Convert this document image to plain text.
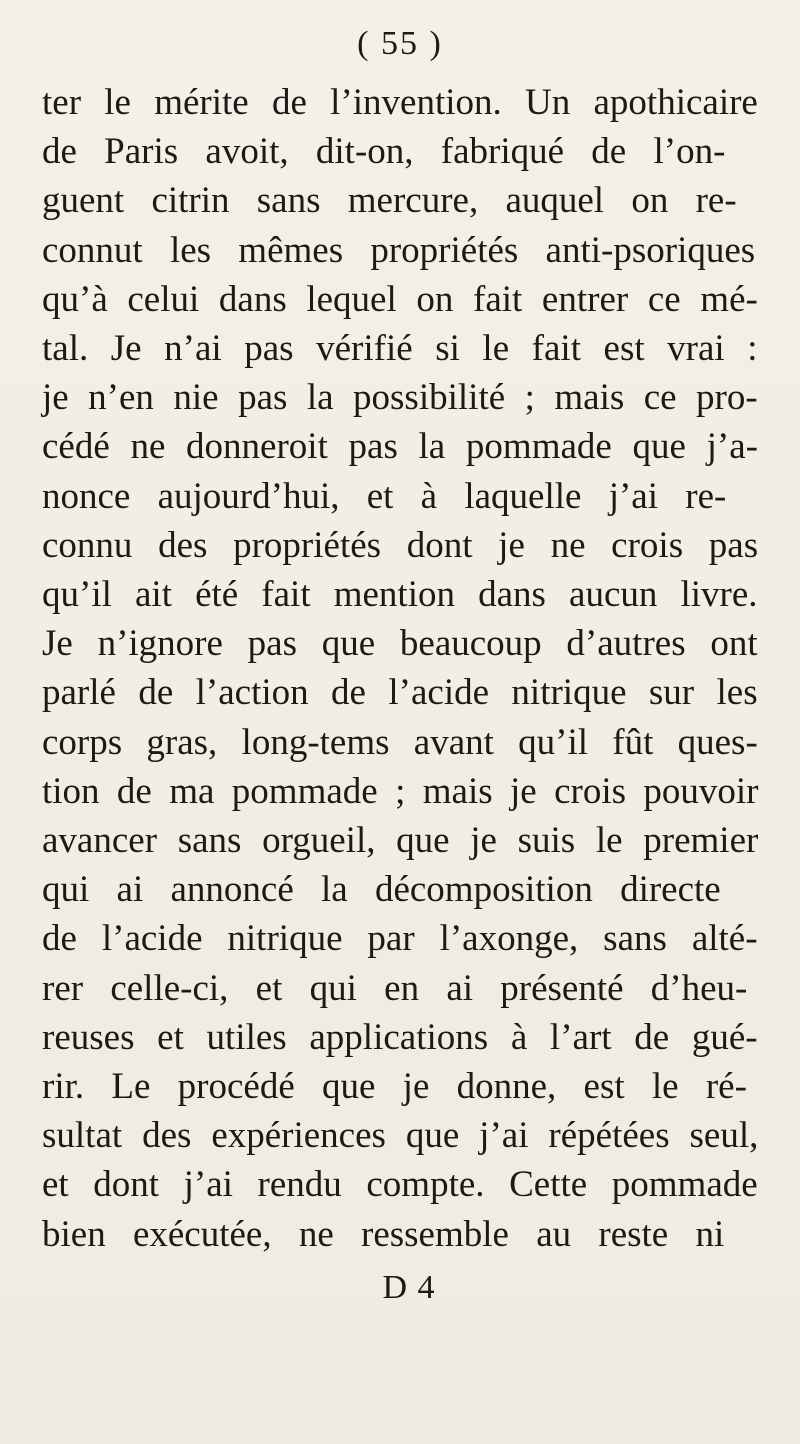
( 55 )
ter le mérite de l’invention. Un apothicaire
de Paris avoit, dit-on, fabriqué de l’on-
guent citrin sans mercure, auquel on re-
connut les mêmes propriétés anti-psoriques
qu’à celui dans lequel on fait entrer ce mé-
tal. Je n’ai pas vérifié si le fait est vrai :
je n’en nie pas la possibilité ; mais ce pro-
cédé ne donneroit pas la pommade que j’a-
nonce aujourd’hui, et à laquelle j’ai re-
connu des propriétés dont je ne crois pas
qu’il ait été fait mention dans aucun livre.
Je n’ignore pas que beaucoup d’autres ont
parlé de l’action de l’acide nitrique sur les
corps gras, long-tems avant qu’il fût ques-
tion de ma pommade ; mais je crois pouvoir
avancer sans orgueil, que je suis le premier
qui ai annoncé la décomposition directe
de l’acide nitrique par l’axonge, sans alté-
rer celle-ci, et qui en ai présenté d’heu-
reuses et utiles applications à l’art de gué-
rir. Le procédé que je donne, est le ré-
sultat des expériences que j’ai répétées seul,
et dont j’ai rendu compte. Cette pommade
bien exécutée, ne ressemble au reste ni
D 4
